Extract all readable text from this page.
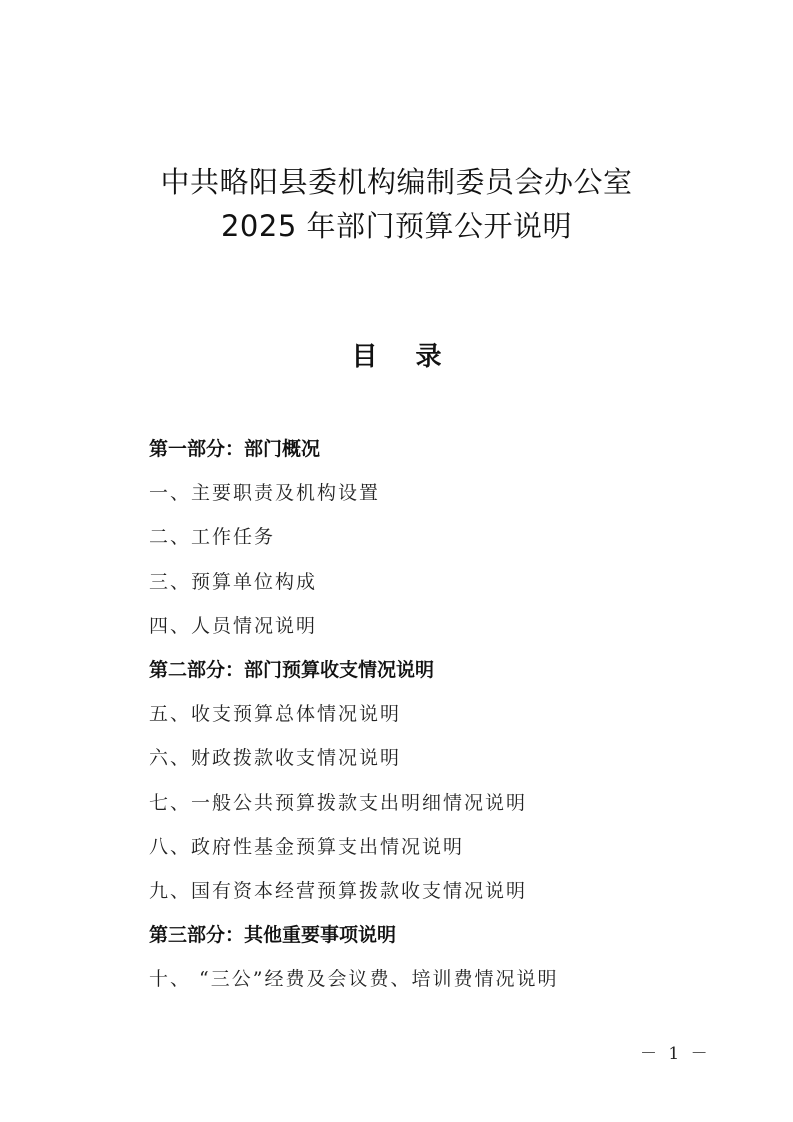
中共略阳县委机构编制委员会办公室
2025 年部门预算公开说明
目 录
第一部分：部门概况
一、主要职责及机构设置
二、工作任务
三、预算单位构成
四、人员情况说明
第二部分：部门预算收支情况说明
五、收支预算总体情况说明
六、财政拨款收支情况说明
七、一般公共预算拨款支出明细情况说明
八、政府性基金预算支出情况说明
九、国有资本经营预算拨款收支情况说明
第三部分：其他重要事项说明
十、 “三公”经费及会议费、培训费情况说明
－ 1 －
